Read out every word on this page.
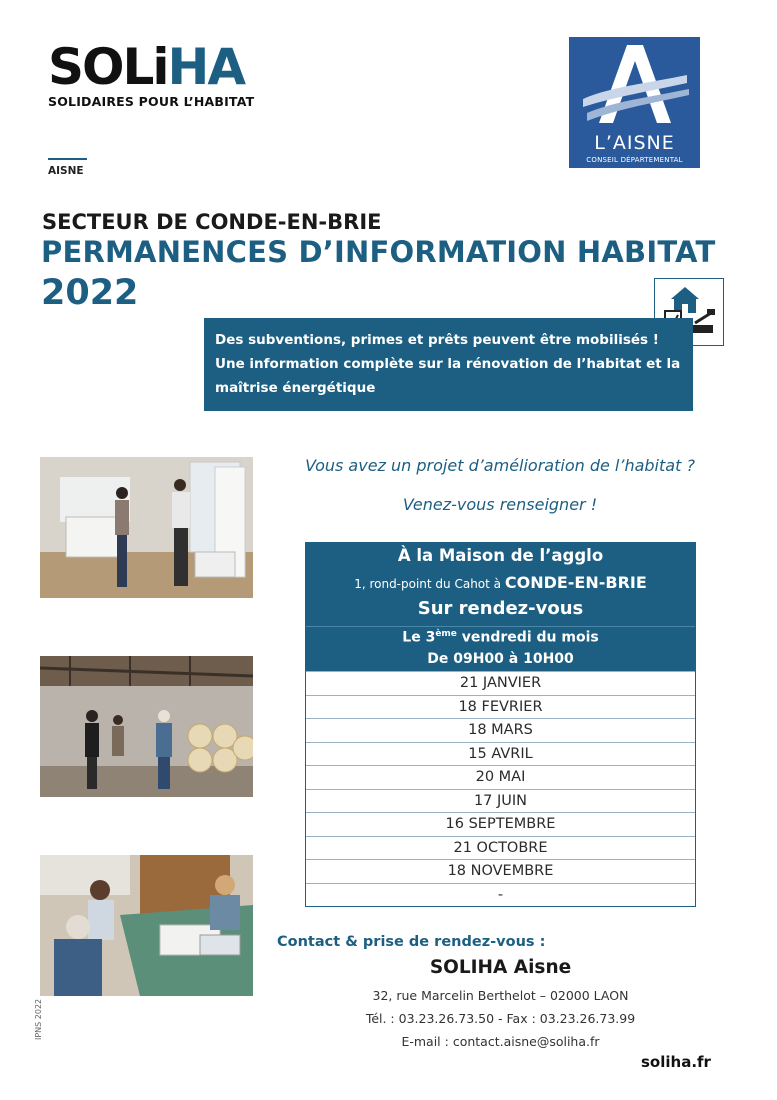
SOLiHA
SOLIDAIRES POUR L’HABITAT
AISNE
L’AISNE
CONSEIL DÉPARTEMENTAL
SECTEUR DE CONDE-EN-BRIE
PERMANENCES D’INFORMATION HABITAT
2022
Des subventions, primes et prêts peuvent être mobilisés !
Une information complète sur la rénovation de l’habitat et la
maîtrise énergétique
Vous avez un projet d’amélioration de l’habitat ?
Venez-vous renseigner !
À la Maison de l’agglo
1, rond-point du Cahot à CONDE-EN-BRIE
Sur rendez-vous
Le 3ème vendredi du mois
De 09H00 à 10H00
21 JANVIER
18 FEVRIER
18 MARS
15 AVRIL
20 MAI
17 JUIN
16 SEPTEMBRE
21 OCTOBRE
18 NOVEMBRE
-
Contact & prise de rendez-vous :
SOLIHA Aisne
32, rue Marcelin Berthelot – 02000 LAON
Tél. : 03.23.26.73.50 - Fax : 03.23.26.73.99
E-mail : contact.aisne@soliha.fr
soliha.fr
IPNS 2022
